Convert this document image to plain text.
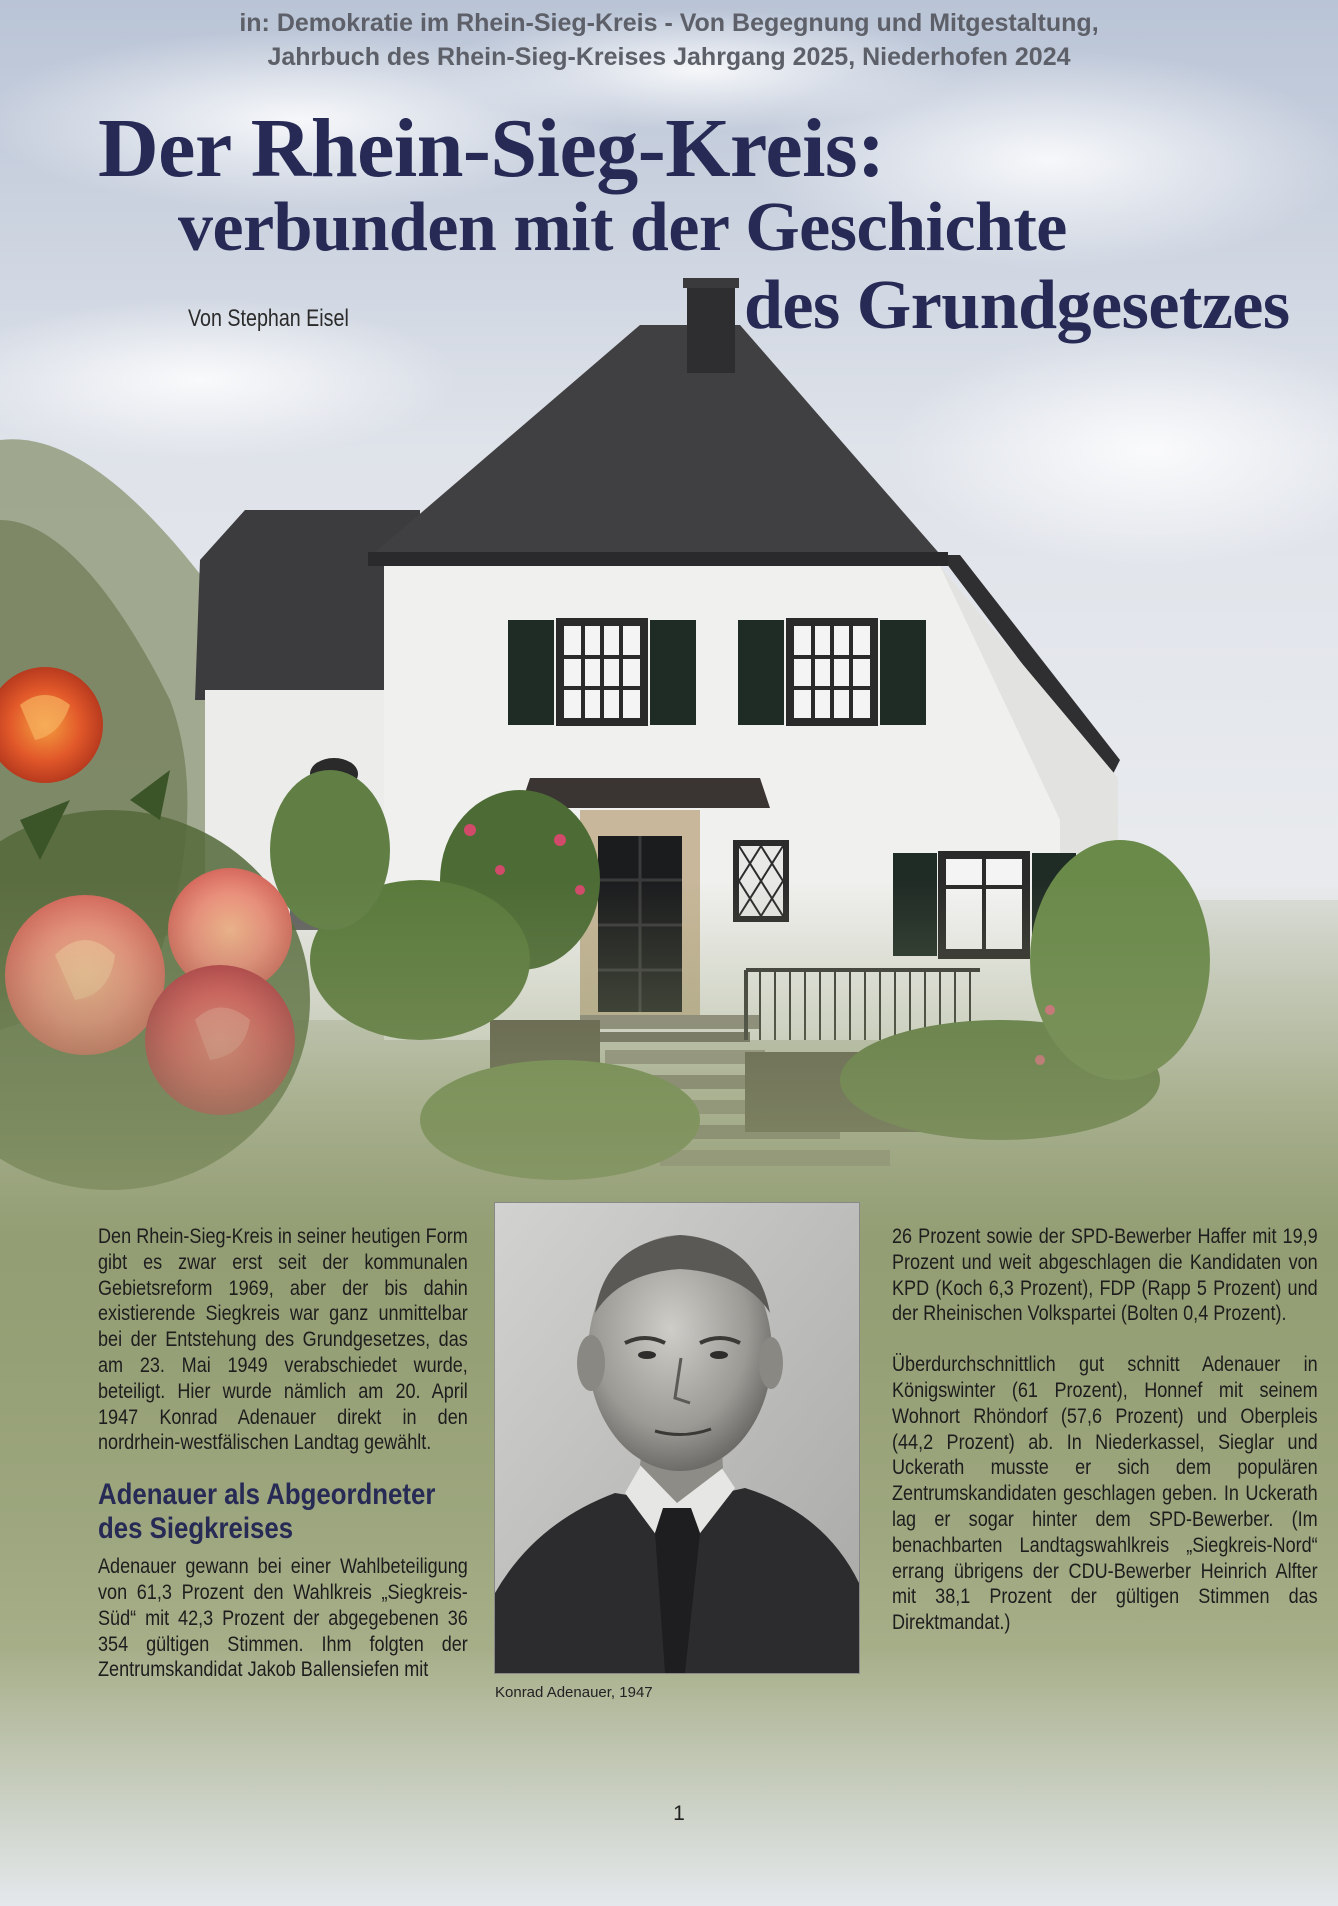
in: Demokratie im Rhein-Sieg-Kreis - Von Begegnung und Mitgestaltung,
Jahrbuch des Rhein-Sieg-Kreises Jahrgang 2025, Niederhofen 2024
Der Rhein-Sieg-Kreis:
verbunden mit der Geschichte
des Grundgesetzes
Von Stephan Eisel

Den Rhein-Sieg-Kreis in seiner heutigen Form gibt es zwar erst seit der kommunalen Gebietsreform 1969, aber der bis dahin existierende Siegkreis war ganz unmittelbar bei der Entstehung des Grundgesetzes, das am 23. Mai 1949 verabschiedet wurde, beteiligt. Hier wurde nämlich am 20. April 1947 Konrad Adenauer direkt in den nordrhein-westfälischen Landtag gewählt.

Adenauer als Abgeordneter des Siegkreises

Adenauer gewann bei einer Wahlbeteiligung von 61,3 Prozent den Wahlkreis „Siegkreis-Süd“ mit 42,3 Prozent der abgegebenen 36 354 gültigen Stimmen. Ihm folgten der Zentrumskandidat Jakob Ballensiefen mit

Konrad Adenauer, 1947

26 Prozent sowie der SPD-Bewerber Haffer mit 19,9 Prozent und weit abgeschlagen die Kandidaten von KPD (Koch 6,3 Prozent), FDP (Rapp 5 Prozent) und der Rheinischen Volkspartei (Bolten 0,4 Prozent).

Überdurchschnittlich gut schnitt Adenauer in Königswinter (61 Prozent), Honnef mit seinem Wohnort Rhöndorf (57,6 Prozent) und Oberpleis (44,2 Prozent) ab. In Niederkassel, Sieglar und Uckerath musste er sich dem populären Zentrumskandidaten geschlagen geben. In Uckerath lag er sogar hinter dem SPD-Bewerber. (Im benachbarten Landtagswahlkreis „Siegkreis-Nord“ errang übrigens der CDU-Bewerber Heinrich Alfter mit 38,1 Prozent der gültigen Stimmen das Direktmandat.)

1
